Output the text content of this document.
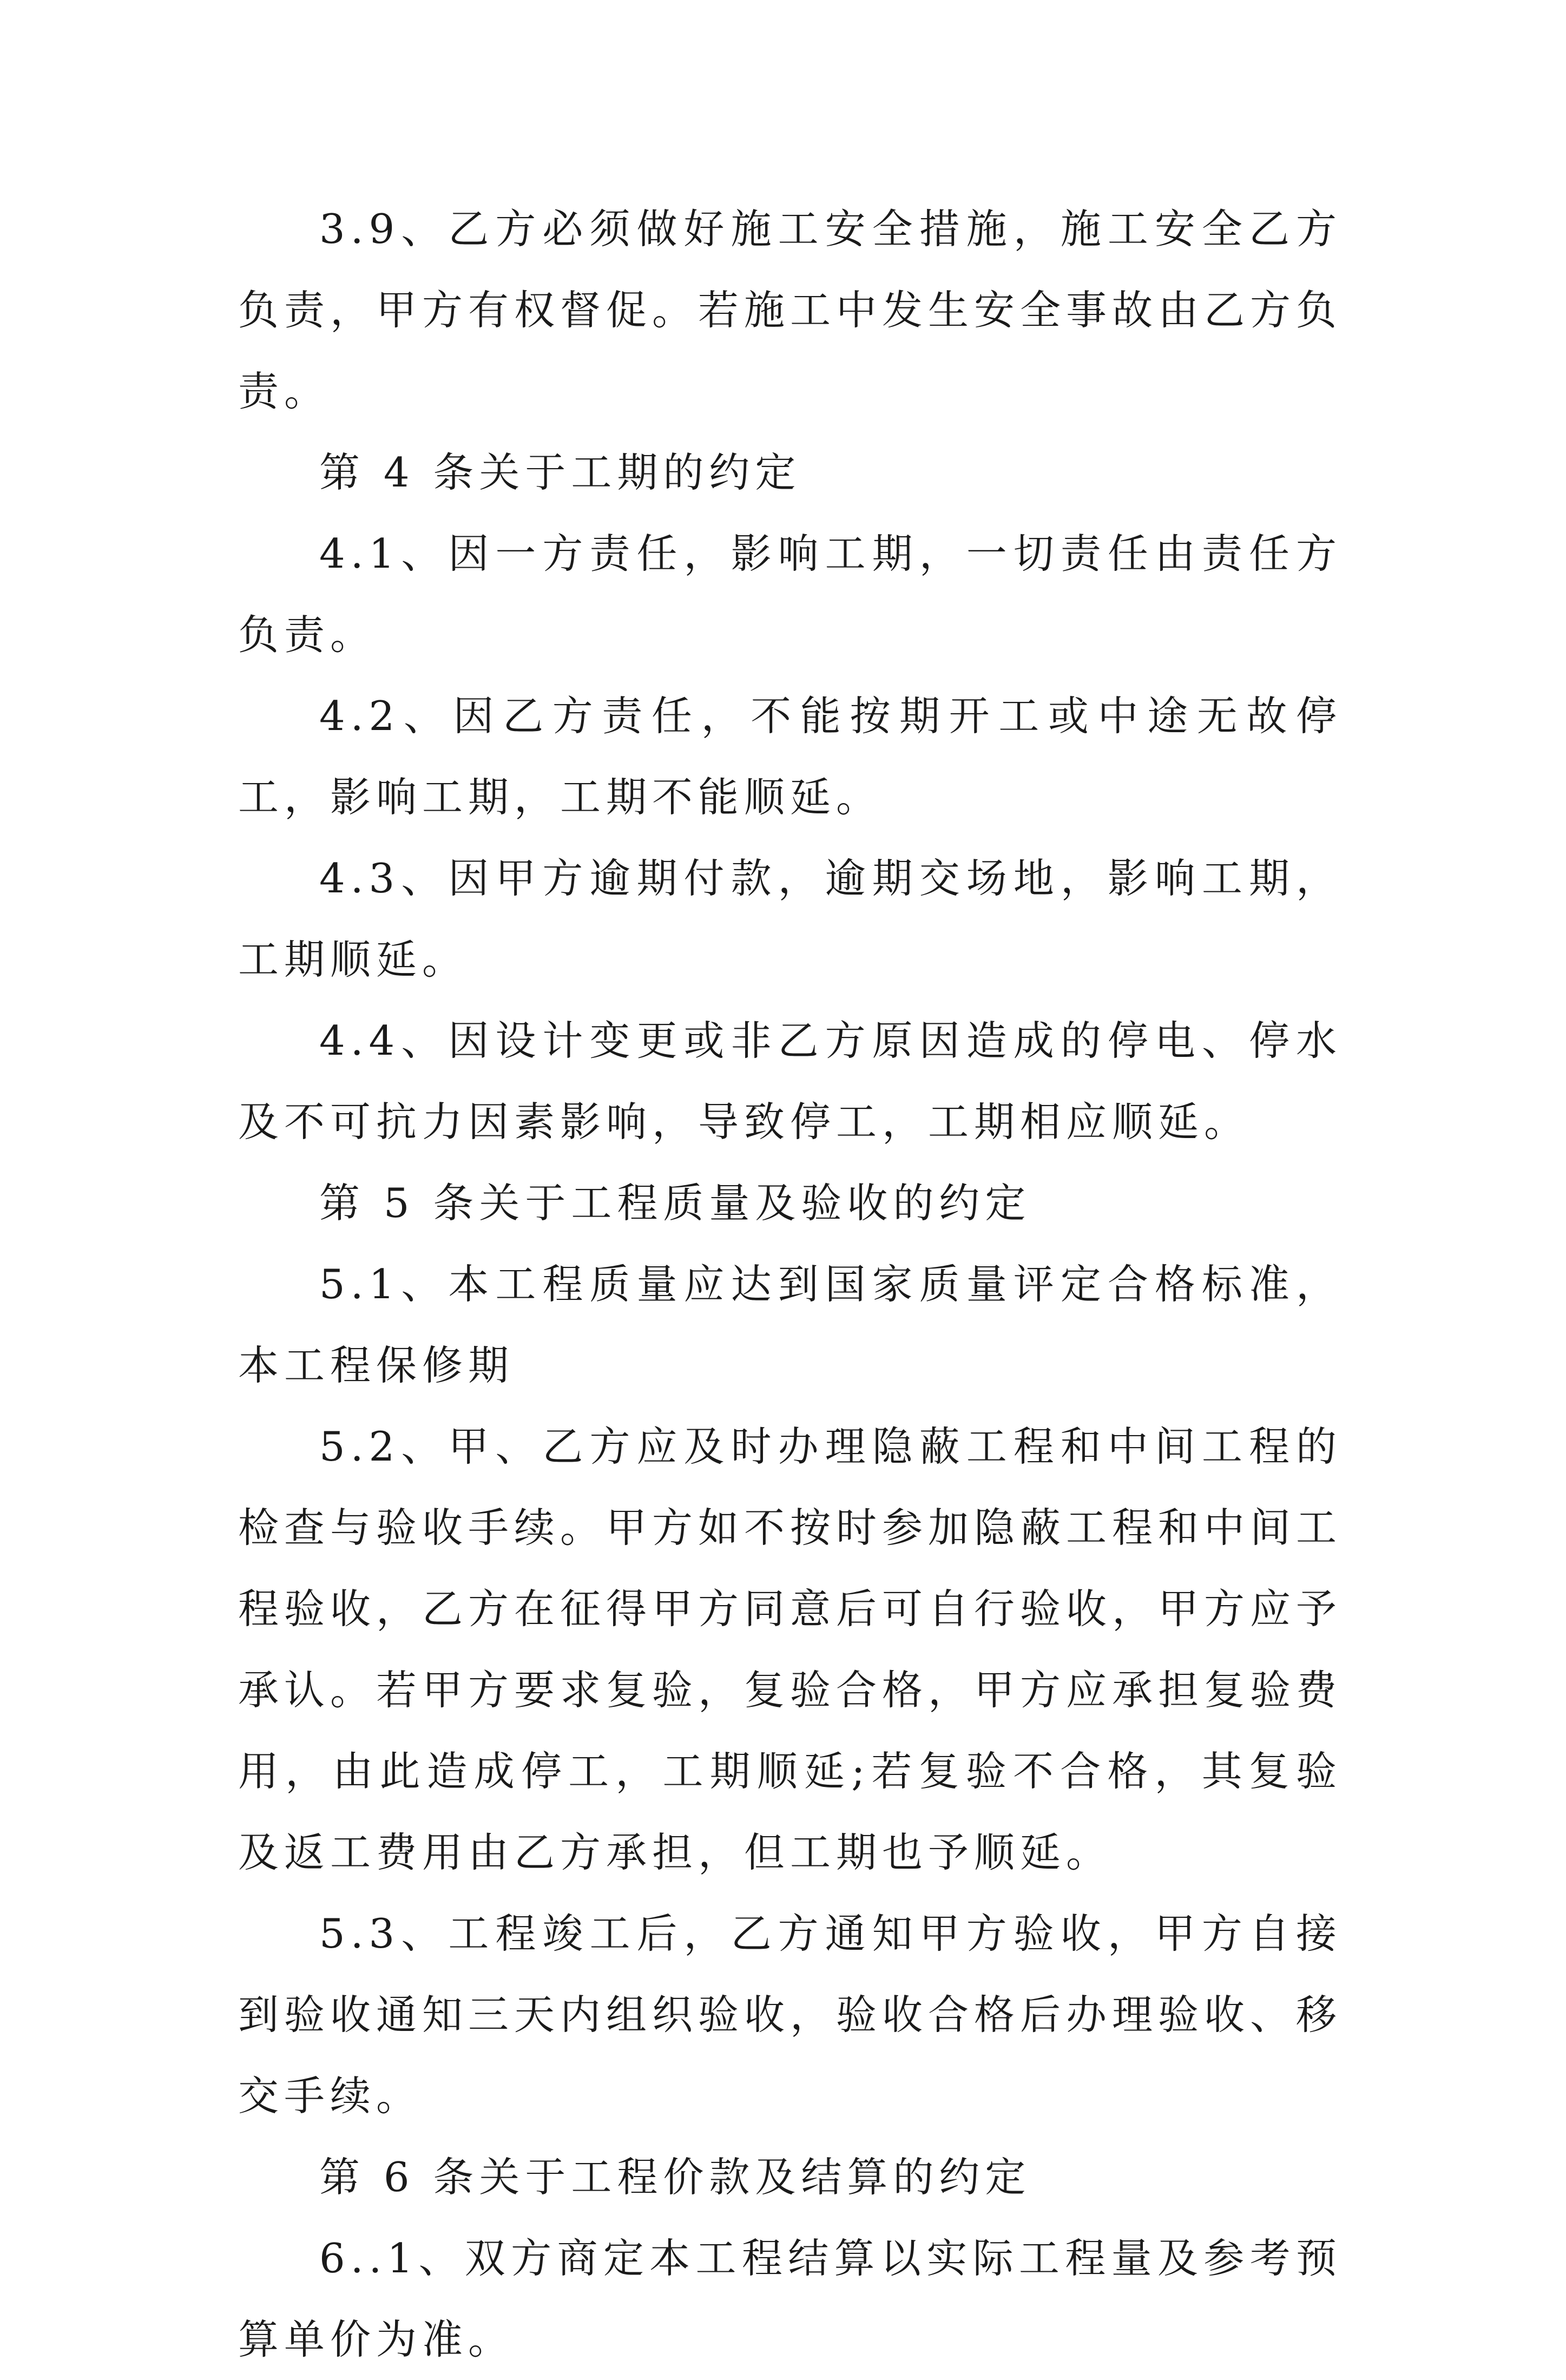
3.9、乙方必须做好施工安全措施，施工安全乙方负责，甲方有权督促。若施工中发生安全事故由乙方负责。

第 4 条关于工期的约定

4.1、因一方责任，影响工期，一切责任由责任方负责。

4.2、因乙方责任，不能按期开工或中途无故停工，影响工期，工期不能顺延。

4.3、因甲方逾期付款，逾期交场地，影响工期，工期顺延。

4.4、因设计变更或非乙方原因造成的停电、停水及不可抗力因素影响，导致停工，工期相应顺延。

第 5 条关于工程质量及验收的约定

5.1、本工程质量应达到国家质量评定合格标准，本工程保修期

5.2、甲、乙方应及时办理隐蔽工程和中间工程的检查与验收手续。甲方如不按时参加隐蔽工程和中间工程验收，乙方在征得甲方同意后可自行验收，甲方应予承认。若甲方要求复验，复验合格，甲方应承担复验费用，由此造成停工，工期顺延;若复验不合格，其复验及返工费用由乙方承担，但工期也予顺延。

5.3、工程竣工后，乙方通知甲方验收，甲方自接到验收通知三天内组织验收，验收合格后办理验收、移交手续。

第 6 条关于工程价款及结算的约定

6..1、双方商定本工程结算以实际工程量及参考预算单价为准。
